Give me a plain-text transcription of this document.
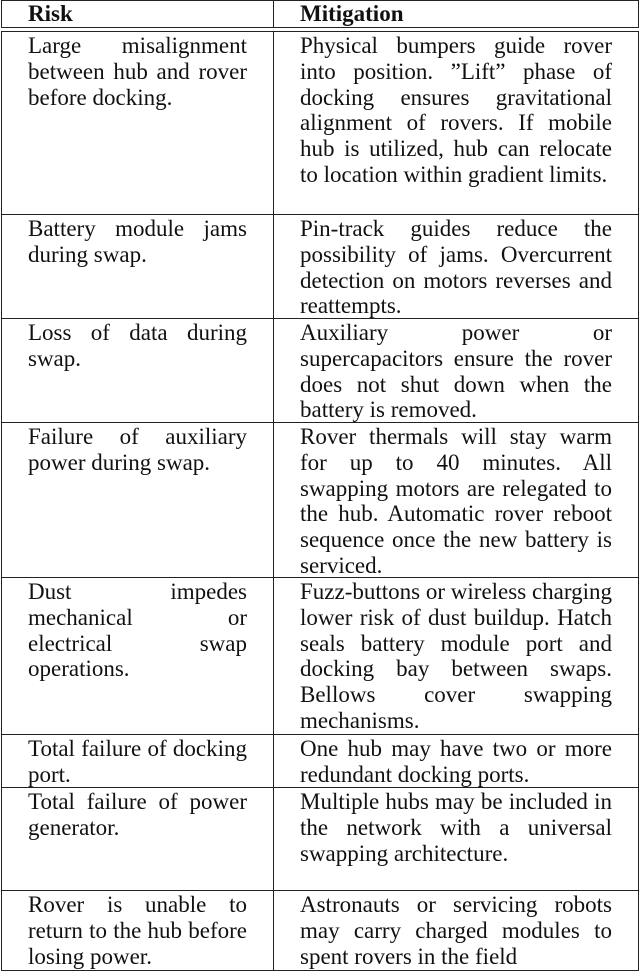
Risk	Mitigation
Large misalignment between hub and rover before docking.
Physical bumpers guide rover into position. ”Lift” phase of docking ensures gravitational alignment of rovers. If mobile hub is utilized, hub can relocate to location within gradient limits.
Battery module jams during swap.
Pin-track guides reduce the possibility of jams. Overcurrent detection on motors reverses and reattempts.
Loss of data during swap.
Auxiliary power or supercapacitors ensure the rover does not shut down when the battery is removed.
Failure of auxiliary power during swap.
Rover thermals will stay warm for up to 40 minutes. All swapping motors are relegated to the hub. Automatic rover reboot sequence once the new battery is serviced.
Dust impedes mechanical or electrical swap operations.
Fuzz-buttons or wireless charging lower risk of dust buildup. Hatch seals battery module port and docking bay between swaps. Bellows cover swapping mechanisms.
Total failure of docking port.
One hub may have two or more redundant docking ports.
Total failure of power generator.
Multiple hubs may be included in the network with a universal swapping architecture.
Rover is unable to return to the hub before losing power.
Astronauts or servicing robots may carry charged modules to spent rovers in the field
